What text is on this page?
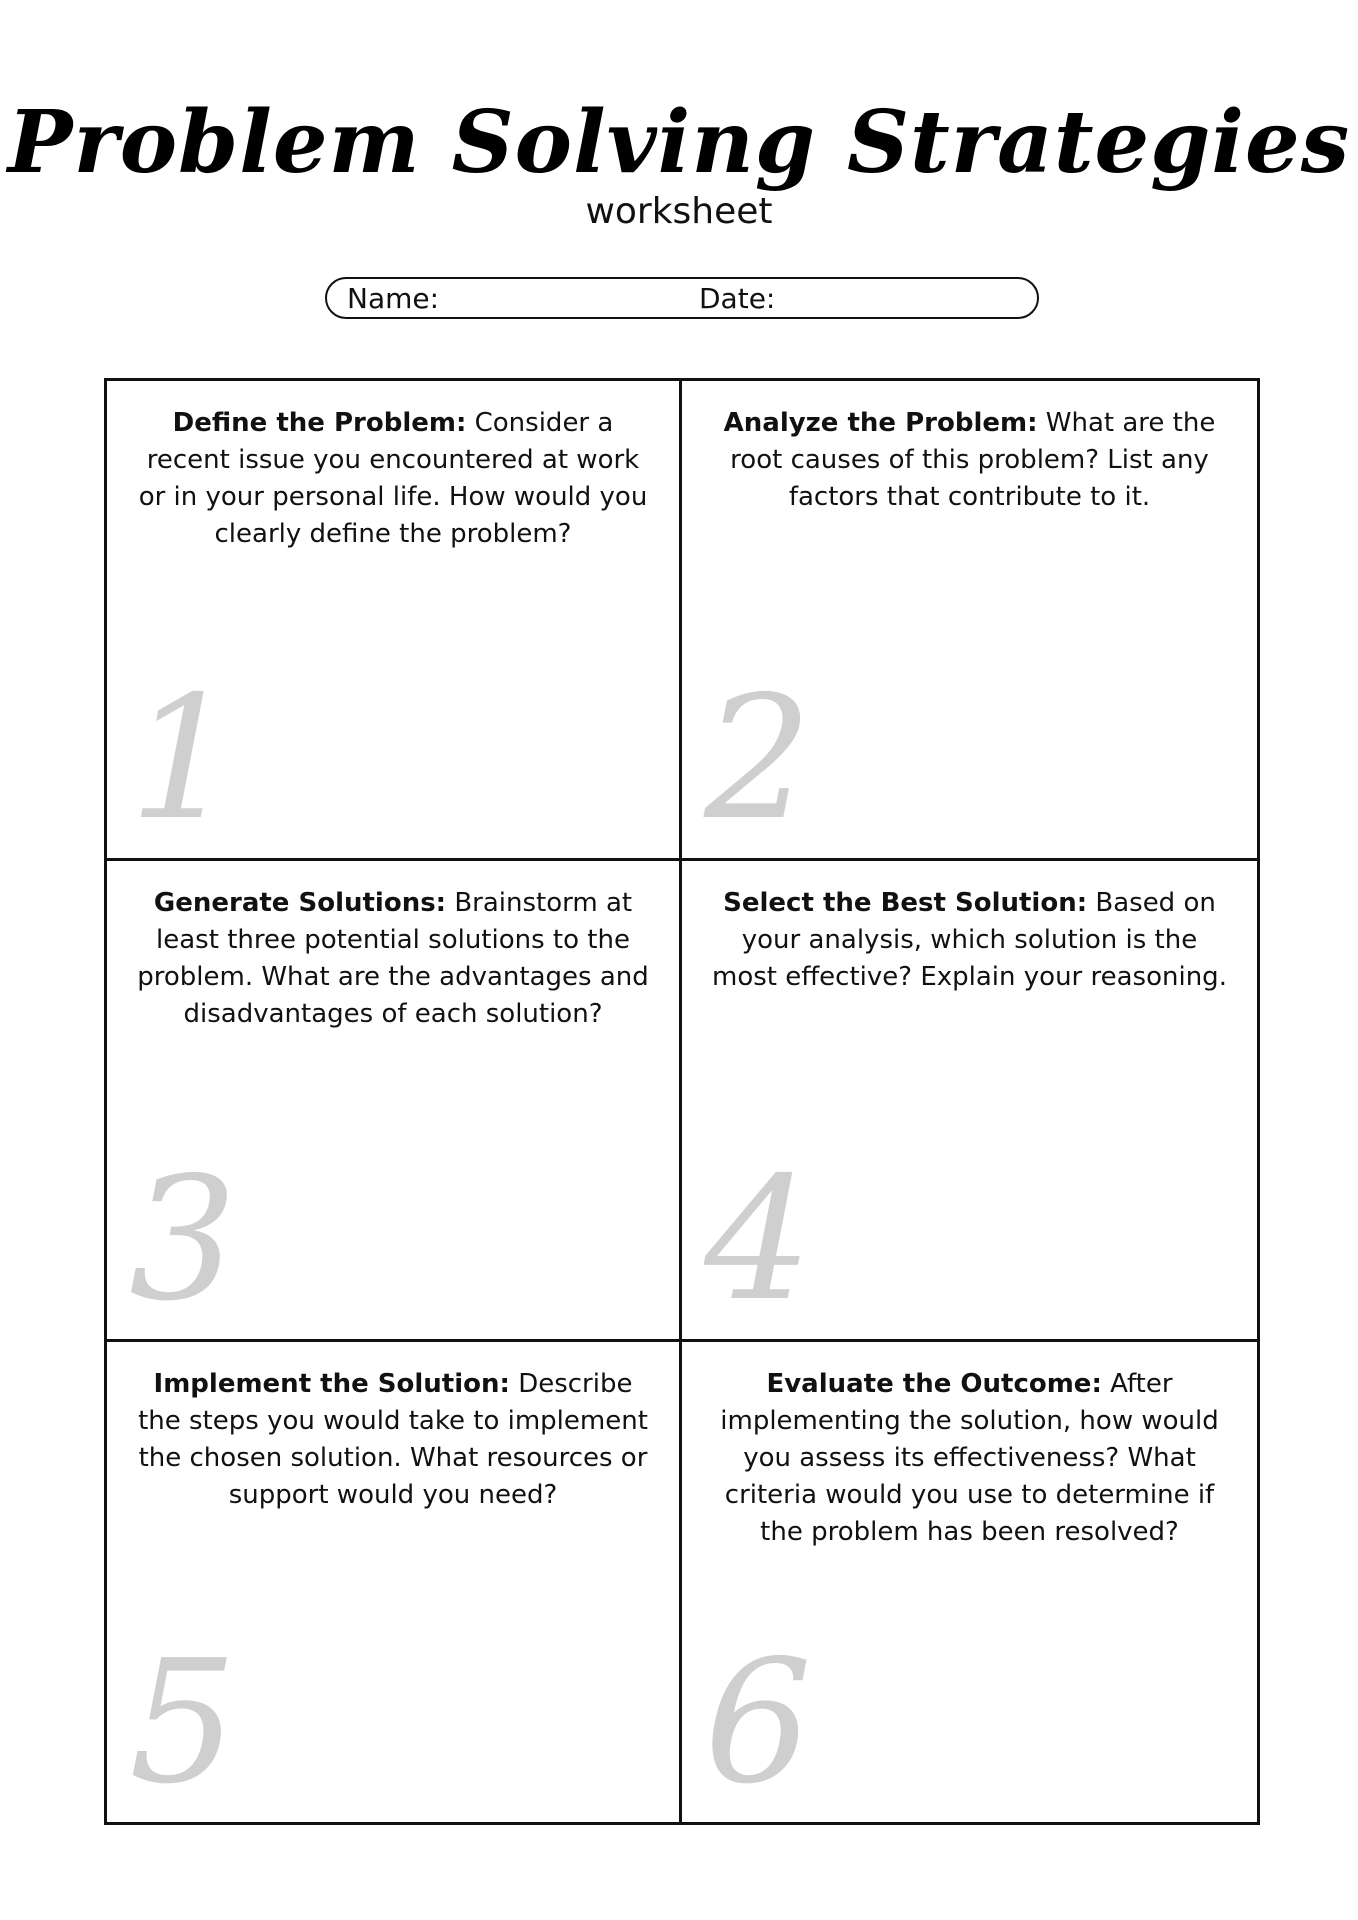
Problem Solving Strategies
worksheet
Name:	Date:
Define the Problem: Consider a recent issue you encountered at work or in your personal life. How would you clearly define the problem?
1
Analyze the Problem: What are the root causes of this problem? List any factors that contribute to it.
2
Generate Solutions: Brainstorm at least three potential solutions to the problem. What are the advantages and disadvantages of each solution?
3
Select the Best Solution: Based on your analysis, which solution is the most effective? Explain your reasoning.
4
Implement the Solution: Describe the steps you would take to implement the chosen solution. What resources or support would you need?
5
Evaluate the Outcome: After implementing the solution, how would you assess its effectiveness? What criteria would you use to determine if the problem has been resolved?
6
